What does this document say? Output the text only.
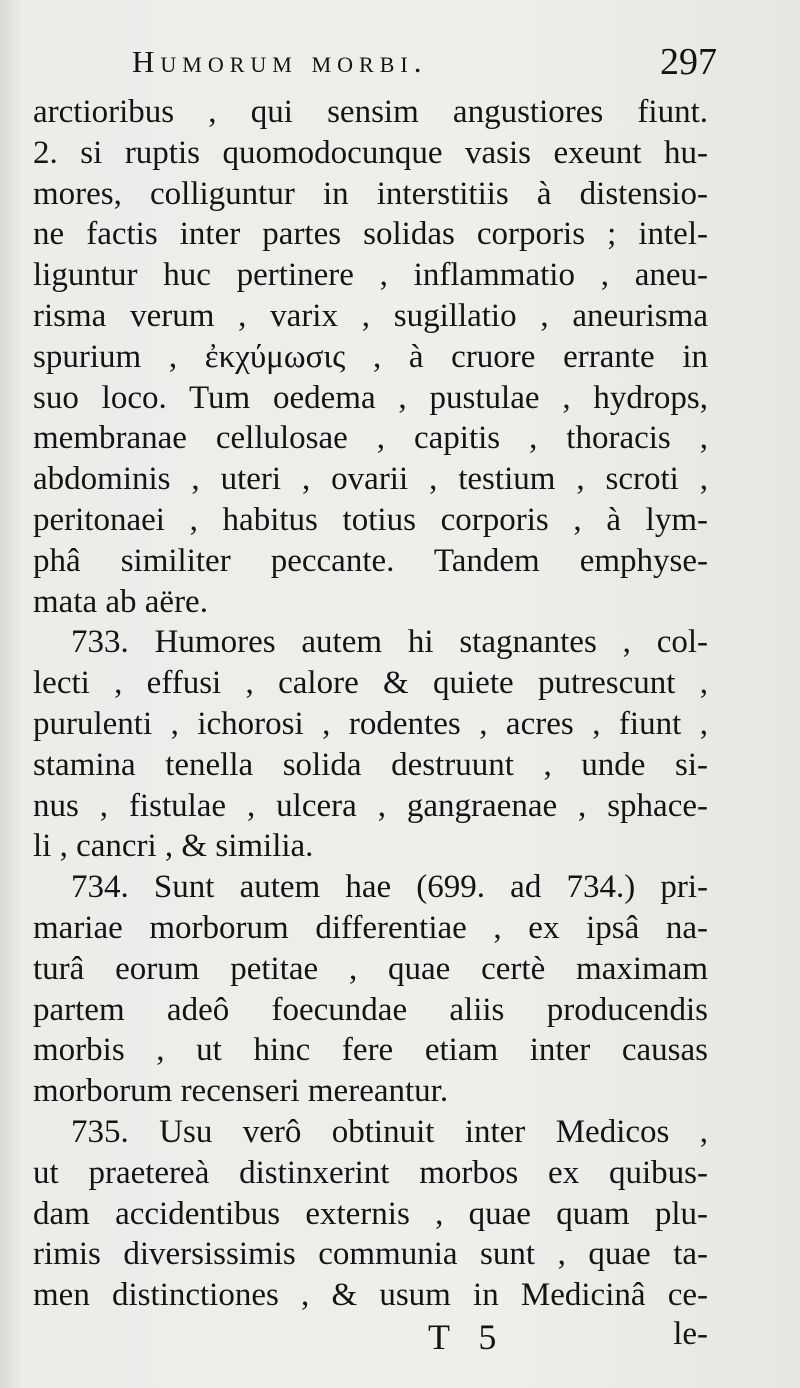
Humorum morbi.	297
arctioribus , qui sensim angustiores fiunt.
2. si ruptis quomodocunque vasis exeunt hu-
mores, colliguntur in interstitiis à distensio-
ne factis inter partes solidas corporis ; intel-
liguntur huc pertinere , inflammatio , aneu-
risma verum , varix , sugillatio , aneurisma
spurium , ἐκχύμωσις , à cruore errante in
suo loco. Tum oedema , pustulae , hydrops,
membranae cellulosae , capitis , thoracis ,
abdominis , uteri , ovarii , testium , scroti ,
peritonaei , habitus totius corporis , à lym-
phâ similiter peccante. Tandem emphyse-
mata ab aëre.
733. Humores autem hi stagnantes , col-
lecti , effusi , calore & quiete putrescunt ,
purulenti , ichorosi , rodentes , acres , fiunt ,
stamina tenella solida destruunt , unde si-
nus , fistulae , ulcera , gangraenae , sphace-
li , cancri , & similia.
734. Sunt autem hae (699. ad 734.) pri-
mariae morborum differentiae , ex ipsâ na-
turâ eorum petitae , quae certè maximam
partem adeô foecundae aliis producendis
morbis , ut hinc fere etiam inter causas
morborum recenseri mereantur.
735. Usu verô obtinuit inter Medicos ,
ut praetereà distinxerint morbos ex quibus-
dam accidentibus externis , quae quam plu-
rimis diversissimis communia sunt , quae ta-
men distinctiones , & usum in Medicinâ ce-
T 5	le-
